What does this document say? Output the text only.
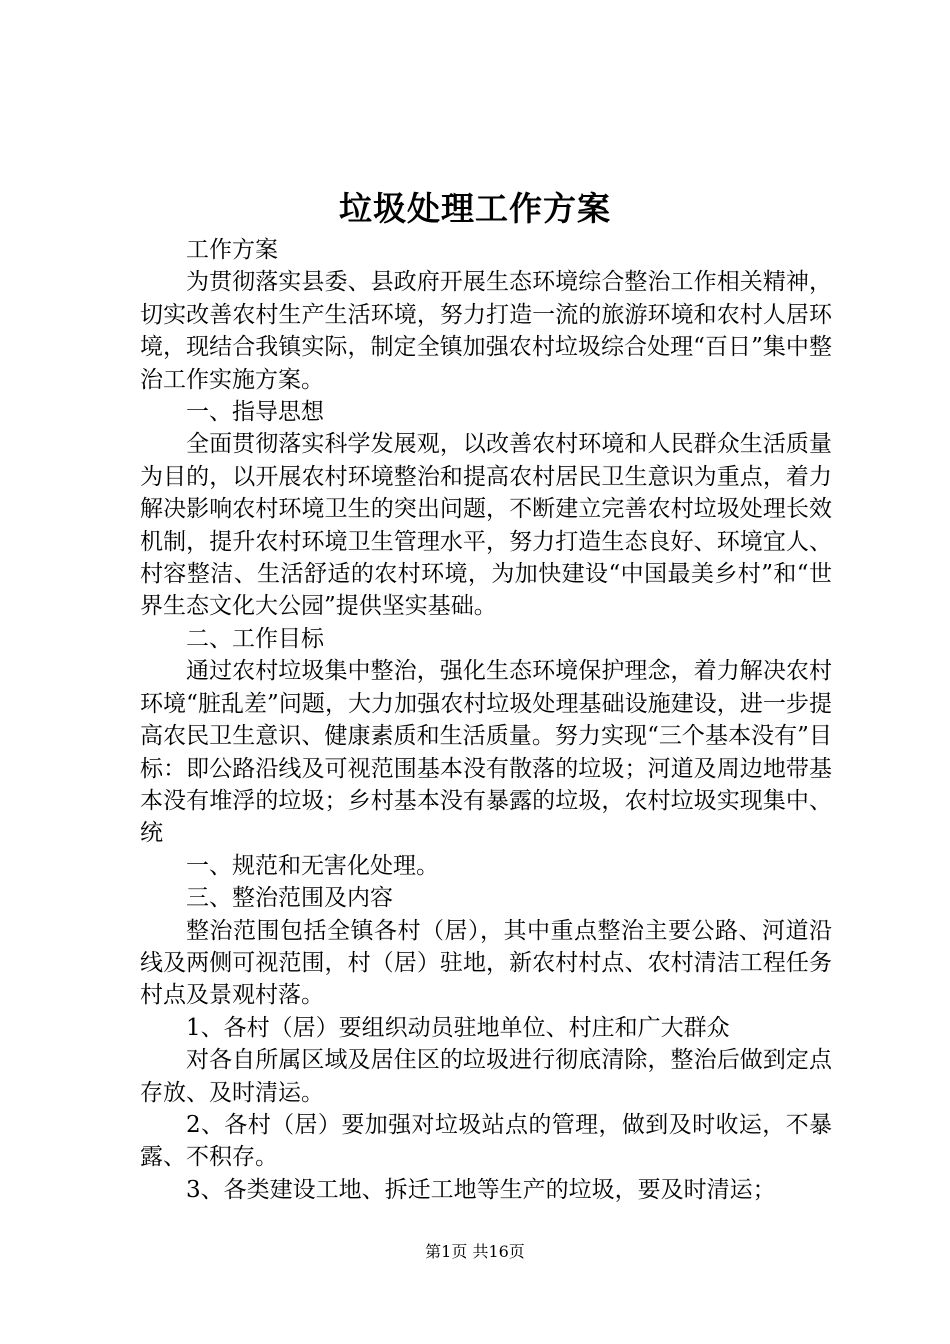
垃圾处理工作方案

工作方案

为贯彻落实县委、县政府开展生态环境综合整治工作相关精神，切实改善农村生产生活环境，努力打造一流的旅游环境和农村人居环境，现结合我镇实际，制定全镇加强农村垃圾综合处理“百日”集中整治工作实施方案。

一、指导思想

全面贯彻落实科学发展观，以改善农村环境和人民群众生活质量为目的，以开展农村环境整治和提高农村居民卫生意识为重点，着力解决影响农村环境卫生的突出问题，不断建立完善农村垃圾处理长效机制，提升农村环境卫生管理水平，努力打造生态良好、环境宜人、村容整洁、生活舒适的农村环境，为加快建设“中国最美乡村”和“世界生态文化大公园”提供坚实基础。

二、工作目标

通过农村垃圾集中整治，强化生态环境保护理念，着力解决农村环境“脏乱差”问题，大力加强农村垃圾处理基础设施建设，进一步提高农民卫生意识、健康素质和生活质量。努力实现“三个基本没有”目标：即公路沿线及可视范围基本没有散落的垃圾；河道及周边地带基本没有堆浮的垃圾；乡村基本没有暴露的垃圾，农村垃圾实现集中、统

一、规范和无害化处理。

三、整治范围及内容

整治范围包括全镇各村（居），其中重点整治主要公路、河道沿线及两侧可视范围，村（居）驻地，新农村村点、农村清洁工程任务村点及景观村落。

1、各村（居）要组织动员驻地单位、村庄和广大群众

对各自所属区域及居住区的垃圾进行彻底清除，整治后做到定点存放、及时清运。

2、各村（居）要加强对垃圾站点的管理，做到及时收运，不暴露、不积存。

3、各类建设工地、拆迁工地等生产的垃圾，要及时清运；

第1页 共16页
